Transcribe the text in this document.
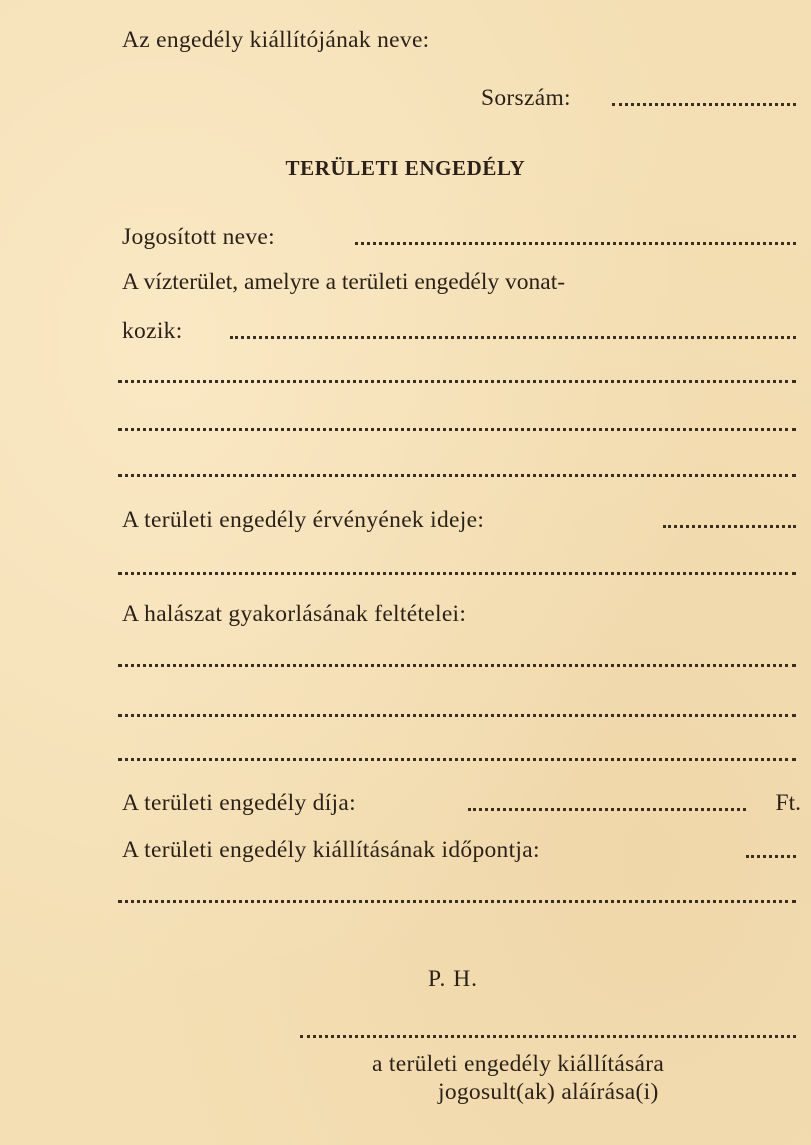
Az engedély kiállítójának neve:
Sorszám:
TERÜLETI ENGEDÉLY
Jogosított neve:
A vízterület, amelyre a területi engedély vonat-
kozik:
A területi engedély érvényének ideje:
A halászat gyakorlásának feltételei:
A területi engedély díja:	Ft.
A területi engedély kiállításának időpontja:
P. H.
a területi engedély kiállítására
jogosult(ak) aláírása(i)
